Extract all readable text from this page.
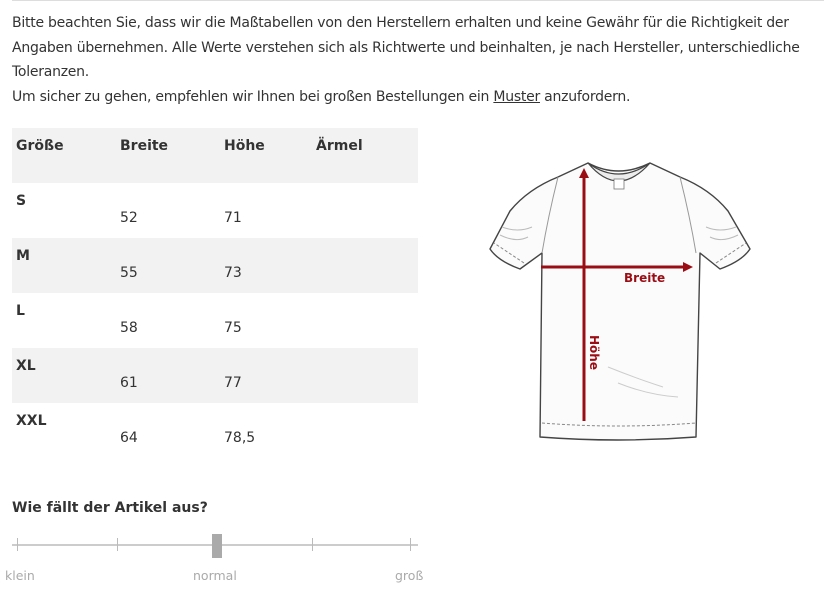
Bitte beachten Sie, dass wir die Maßtabellen von den Herstellern erhalten und keine Gewähr für die Richtigkeit der Angaben übernehmen. Alle Werte verstehen sich als Richtwerte und beinhalten, je nach Hersteller, unterschiedliche Toleranzen.

Um sicher zu gehen, empfehlen wir Ihnen bei großen Bestellungen ein Muster anzufordern.

Größe	Breite	Höhe	Ärmel
S	52	71	
M	55	73	
L	58	75	
XL	61	77	
XXL	64	78,5	
Breite
Höhe
Wie fällt der Artikel aus?
klein	normal	groß
